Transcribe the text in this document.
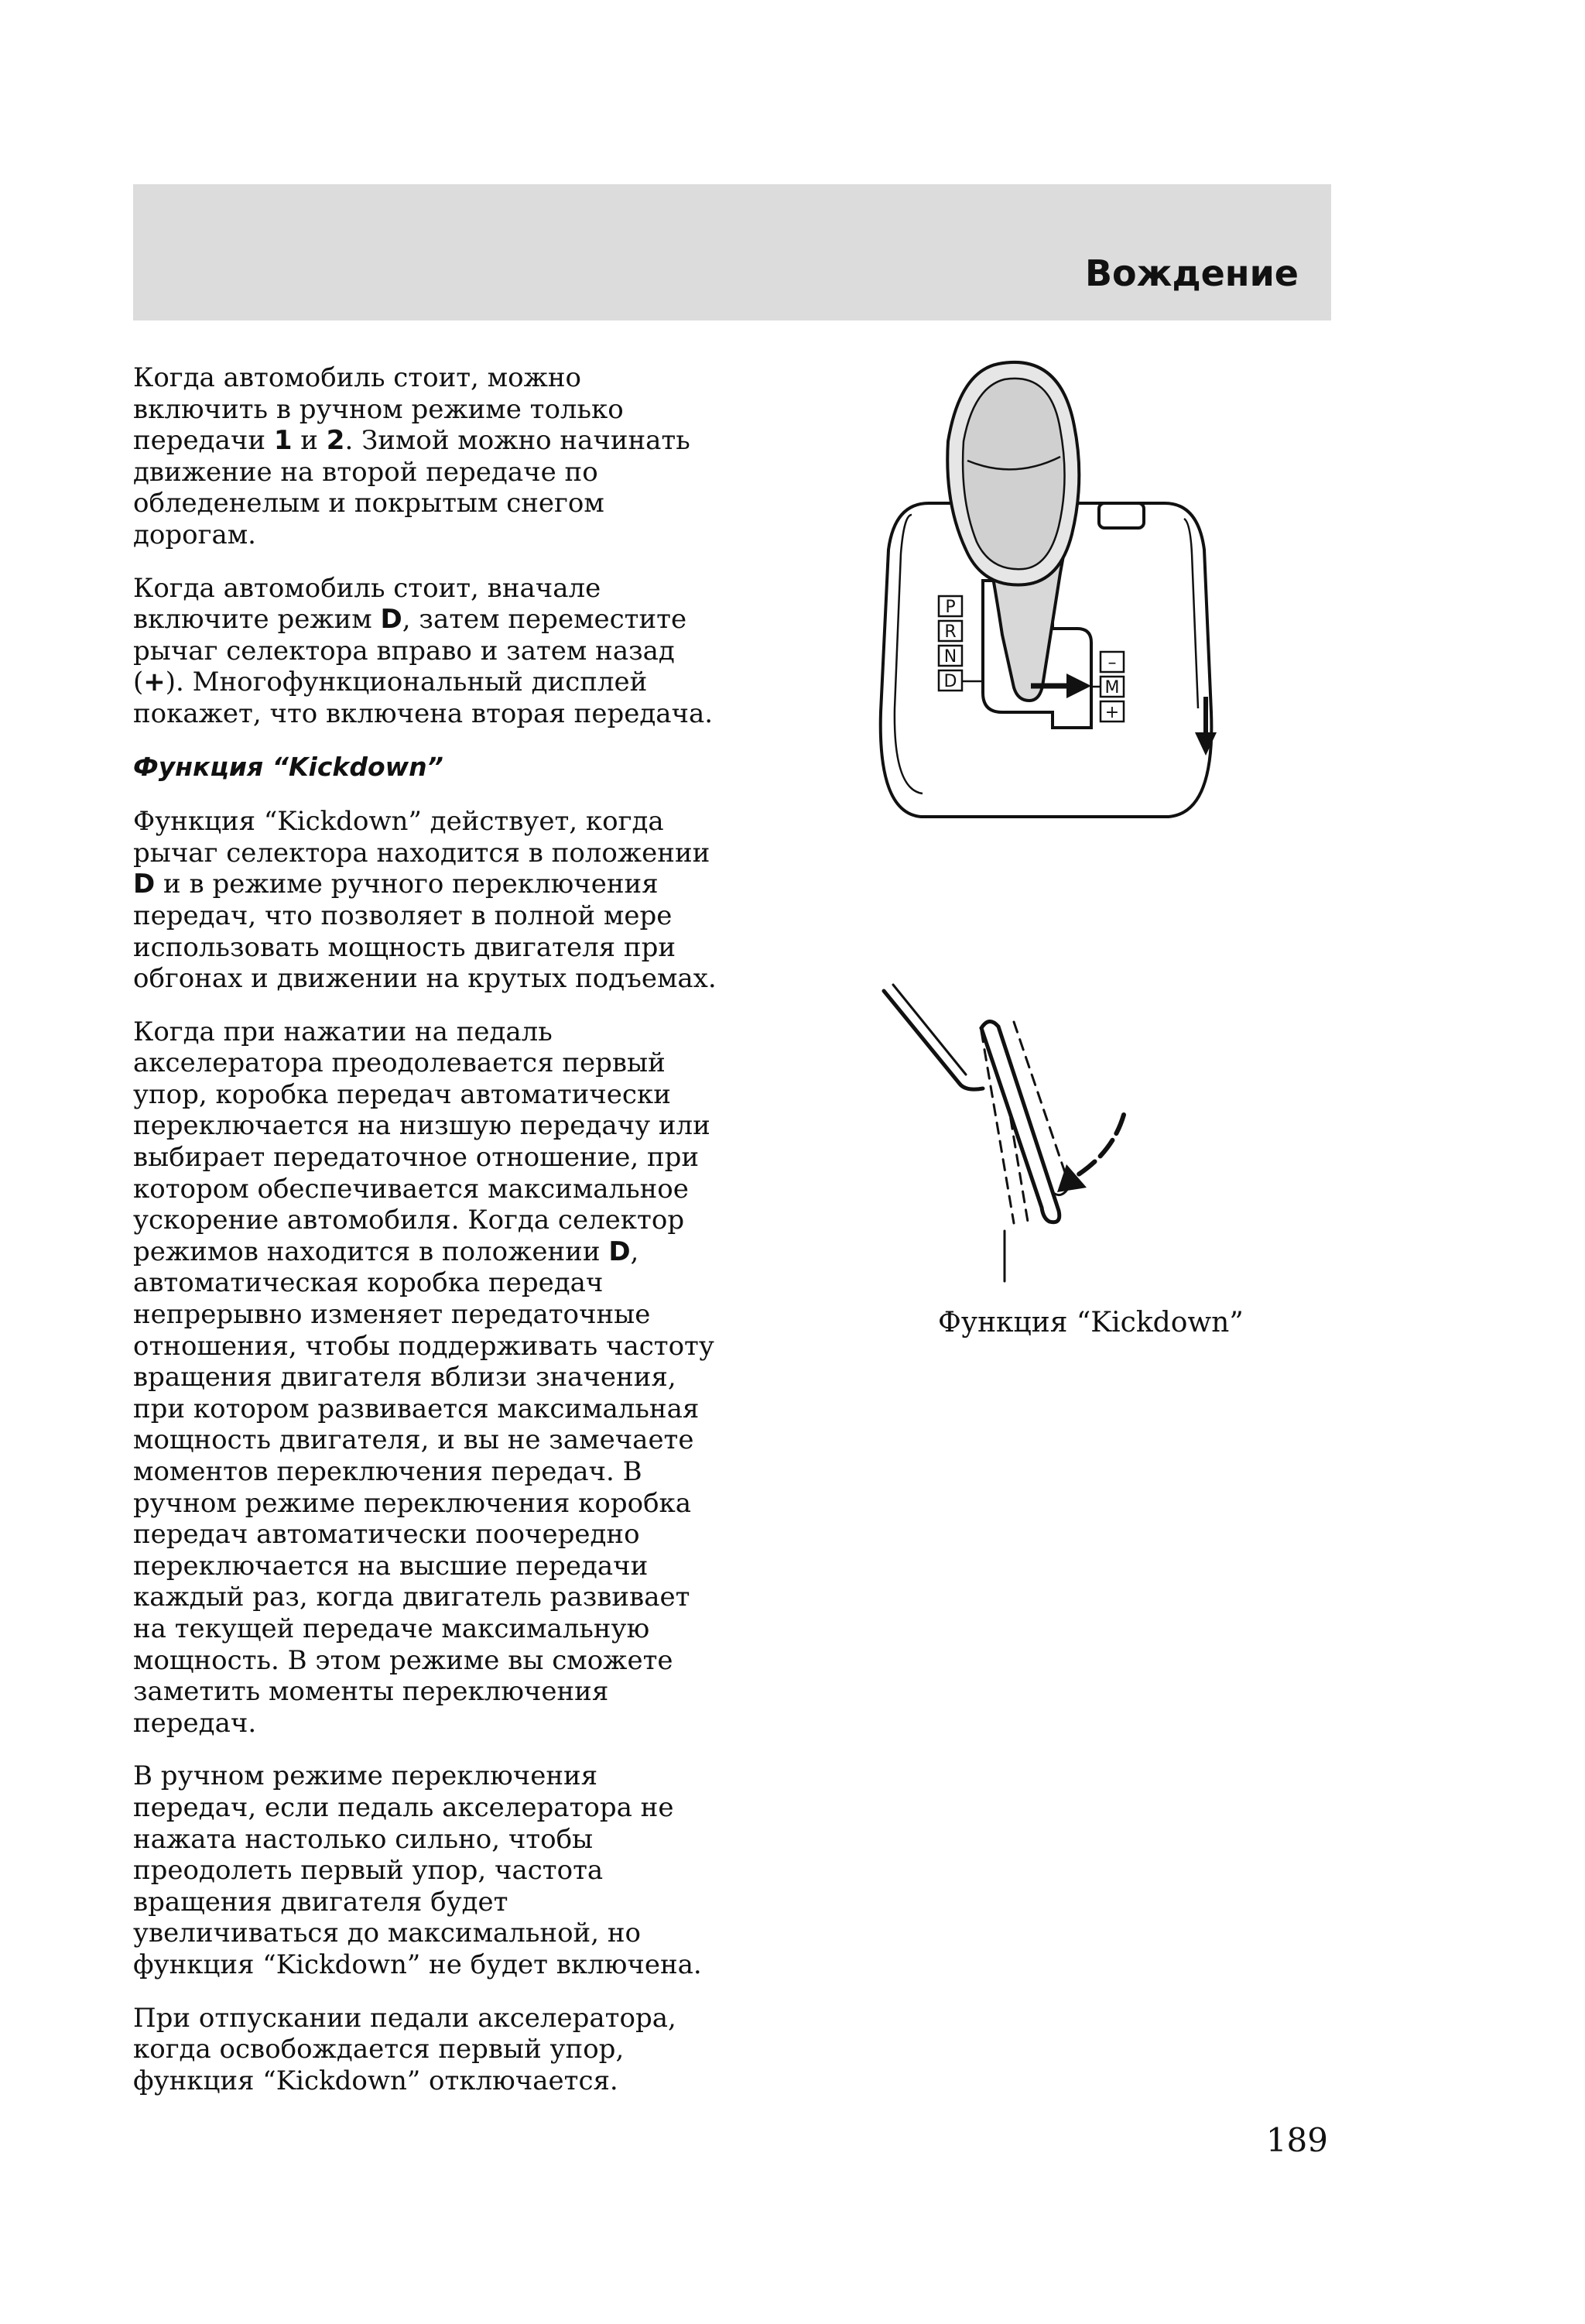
Вождение

Когда автомобиль стоит, можно включить в ручном режиме только передачи 1 и 2. Зимой можно начинать движение на второй передаче по обледенелым и покрытым снегом дорогам.

Когда автомобиль стоит, вначале включите режим D, затем переместите рычаг селектора вправо и затем назад (+). Многофункциональный дисплей покажет, что включена вторая передача.

Функция “Kickdown”

Функция “Kickdown” действует, когда рычаг селектора находится в положении D и в режиме ручного переключения передач, что позволяет в полной мере использовать мощность двигателя при обгонах и движении на крутых подъемах.

Когда при нажатии на педаль акселератора преодолевается первый упор, коробка передач автоматически переключается на низшую передачу или выбирает передаточное отношение, при котором обеспечивается максимальное ускорение автомобиля. Когда селектор режимов находится в положении D, автоматическая коробка передач непрерывно изменяет передаточные отношения, чтобы поддерживать частоту вращения двигателя вблизи значения, при котором развивается максимальная мощность двигателя, и вы не замечаете моментов переключения передач. В ручном режиме переключения коробка передач автоматически поочередно переключается на высшие передачи каждый раз, когда двигатель развивает на текущей передаче максимальную мощность. В этом режиме вы сможете заметить моменты переключения передач.

В ручном режиме переключения передач, если педаль акселератора не нажата настолько сильно, чтобы преодолеть первый упор, частота вращения двигателя будет увеличиваться до максимальной, но функция “Kickdown” не будет включена.

При отпускании педали акселератора, когда освобождается первый упор, функция “Kickdown” отключается.

P
R
N
D
–
M
+
Функция “Kickdown”
189
